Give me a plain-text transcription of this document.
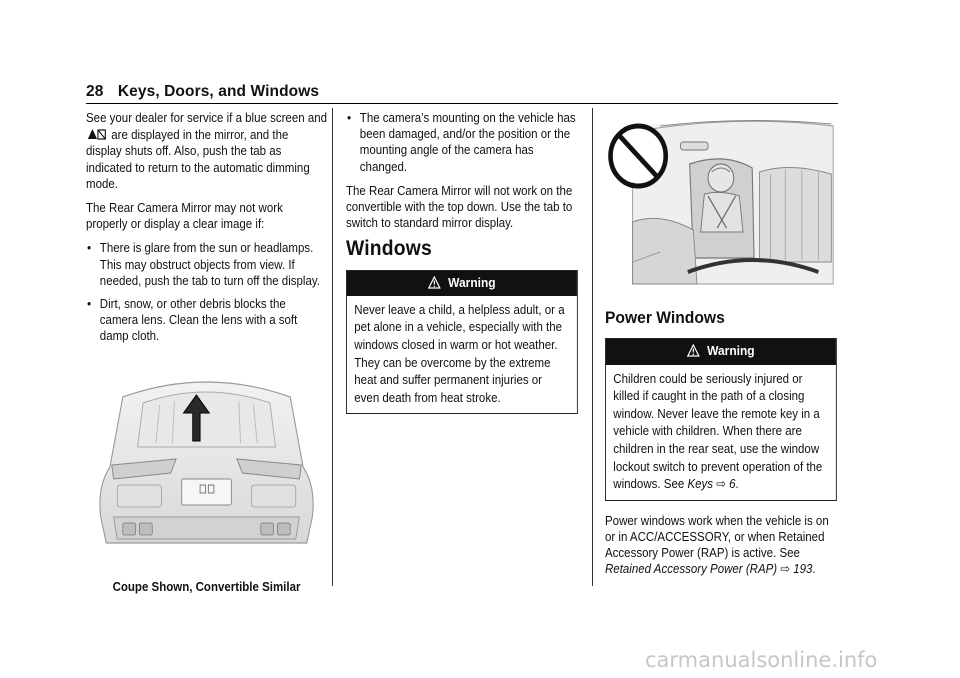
28 Keys, Doors, and Windows

See your dealer for service if a blue screen and  are displayed in the mirror, and the display shuts off. Also, push the tab as indicated to return to the automatic dimming mode.

The Rear Camera Mirror may not work properly or display a clear image if:

● There is glare from the sun or headlamps. This may obstruct objects from view. If needed, push the tab to turn off the display.
● Dirt, snow, or other debris blocks the camera lens. Clean the lens with a soft damp cloth.
Coupe Shown, Convertible Similar
● The camera’s mounting on the vehicle has been damaged, and/or the position or the mounting angle of the camera has changed.

The Rear Camera Mirror will not work on the convertible with the top down. Use the tab to switch to standard mirror display.

Windows
Warning
Never leave a child, a helpless adult, or a pet alone in a vehicle, especially with the windows closed in warm or hot weather. They can be overcome by the extreme heat and suffer permanent injuries or even death from heat stroke.
Power Windows
Warning
Children could be seriously injured or killed if caught in the path of a closing window. Never leave the remote key in a vehicle with children. When there are children in the rear seat, use the window lockout switch to prevent operation of the windows. See Keys ⇨ 6.

Power windows work when the vehicle is on or in ACC/ACCESSORY, or when Retained Accessory Power (RAP) is active. See Retained Accessory Power (RAP) ⇨ 193.

carmanualsonline.info
